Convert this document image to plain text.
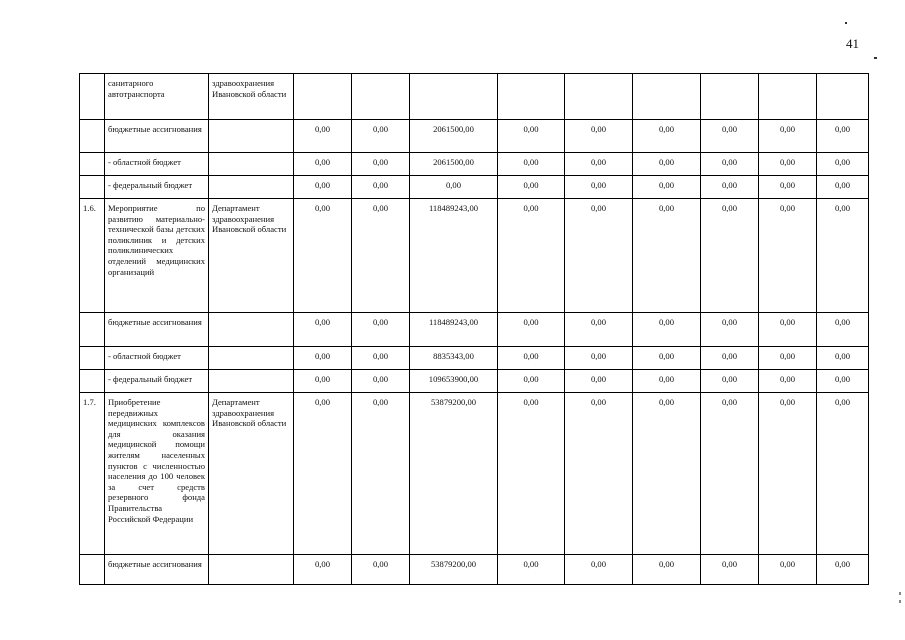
41
	санитарного автотранспорта	здравоохранения Ивановской области									
	бюджетные ассигнования		0,00	0,00	2061500,00	0,00	0,00	0,00	0,00	0,00	0,00
	- областной бюджет		0,00	0,00	2061500,00	0,00	0,00	0,00	0,00	0,00	0,00
	- федеральный бюджет		0,00	0,00	0,00	0,00	0,00	0,00	0,00	0,00	0,00
1.6.	Мероприятие по развитию материально-технической базы детских поликлиник и детских поликлинических отделений медицинских организаций	Департамент здравоохранения Ивановской области	0,00	0,00	118489243,00	0,00	0,00	0,00	0,00	0,00	0,00
	бюджетные ассигнования		0,00	0,00	118489243,00	0,00	0,00	0,00	0,00	0,00	0,00
	- областной бюджет		0,00	0,00	8835343,00	0,00	0,00	0,00	0,00	0,00	0,00
	- федеральный бюджет		0,00	0,00	109653900,00	0,00	0,00	0,00	0,00	0,00	0,00
1.7.	Приобретение передвижных медицинских комплексов для оказания медицинской помощи жителям населенных пунктов с численностью населения до 100 человек за счет средств резервного фонда Правительства Российской Федерации	Департамент здравоохранения Ивановской области	0,00	0,00	53879200,00	0,00	0,00	0,00	0,00	0,00	0,00
	бюджетные ассигнования		0,00	0,00	53879200,00	0,00	0,00	0,00	0,00	0,00	0,00
